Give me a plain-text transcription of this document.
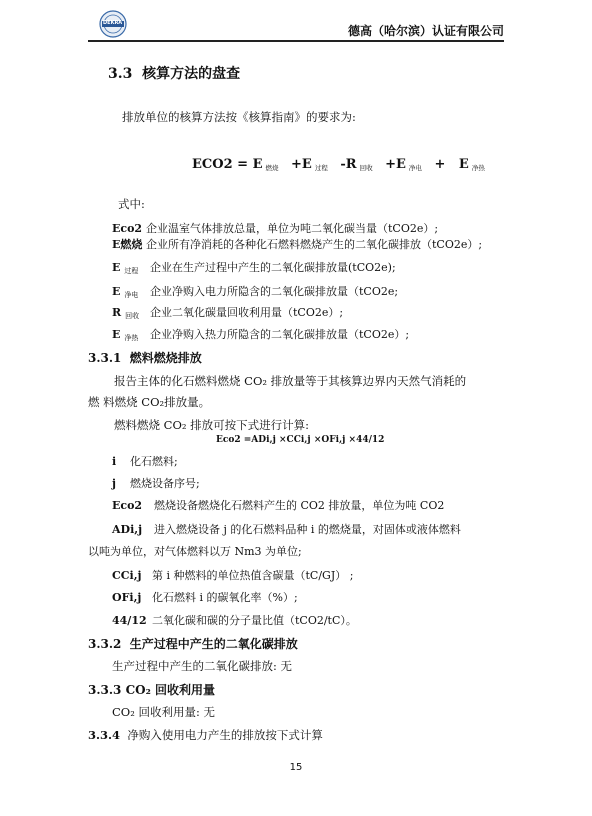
DEKRA
德高（哈尔滨）认证有限公司
3.3 核算方法的盘查
排放单位的核算方法按《核算指南》的要求为:
ECO2 = E $_{燃烧}$ +E $_{过程}$ -R $_{回收}$ +E $_{净电}$ + E $_{净热}$
式中:
Eco2 企业温室气体排放总量，单位为吨二氧化碳当量（tCO2e）;
E燃烧 企业所有净消耗的各种化石燃料燃烧产生的二氧化碳排放（tCO2e）;
E $_{过程}$ 企业在生产过程中产生的二氧化碳排放量(tCO2e);
E $_{净电}$ 企业净购入电力所隐含的二氧化碳排放量（tCO2e;
R $_{回收}$ 企业二氧化碳量回收利用量（tCO2e）;
E $_{净热}$ 企业净购入热力所隐含的二氧化碳排放量（tCO2e）;
3.3.1 燃料燃烧排放
报告主体的化石燃料燃烧 CO₂ 排放量等于其核算边界内天然气消耗的
燃 料燃烧 CO₂排放量。
燃料燃烧 CO₂ 排放可按下式进行计算:
Eco2 =ADi,j ×CCi,j ×OFi,j ×44/12
i 化石燃料;
j 燃烧设备序号;
Eco2 燃烧设备燃烧化石燃料产生的 CO2 排放量，单位为吨 CO2
ADi,j 进入燃烧设备 j 的化石燃料品种 i 的燃烧量，对固体或液体燃料
以吨为单位，对气体燃料以万 Nm3 为单位;
CCi,j 第 i 种燃料的单位热值含碳量（tC/GJ） ;
OFi,j 化石燃料 i 的碳氧化率（%）;
44/12 二氧化碳和碳的分子量比值（tCO2/tC）。
3.3.2 生产过程中产生的二氧化碳排放
生产过程中产生的二氧化碳排放: 无
3.3.3 CO₂ 回收利用量
CO₂ 回收利用量: 无
3.3.4 净购入使用电力产生的排放按下式计算
15
